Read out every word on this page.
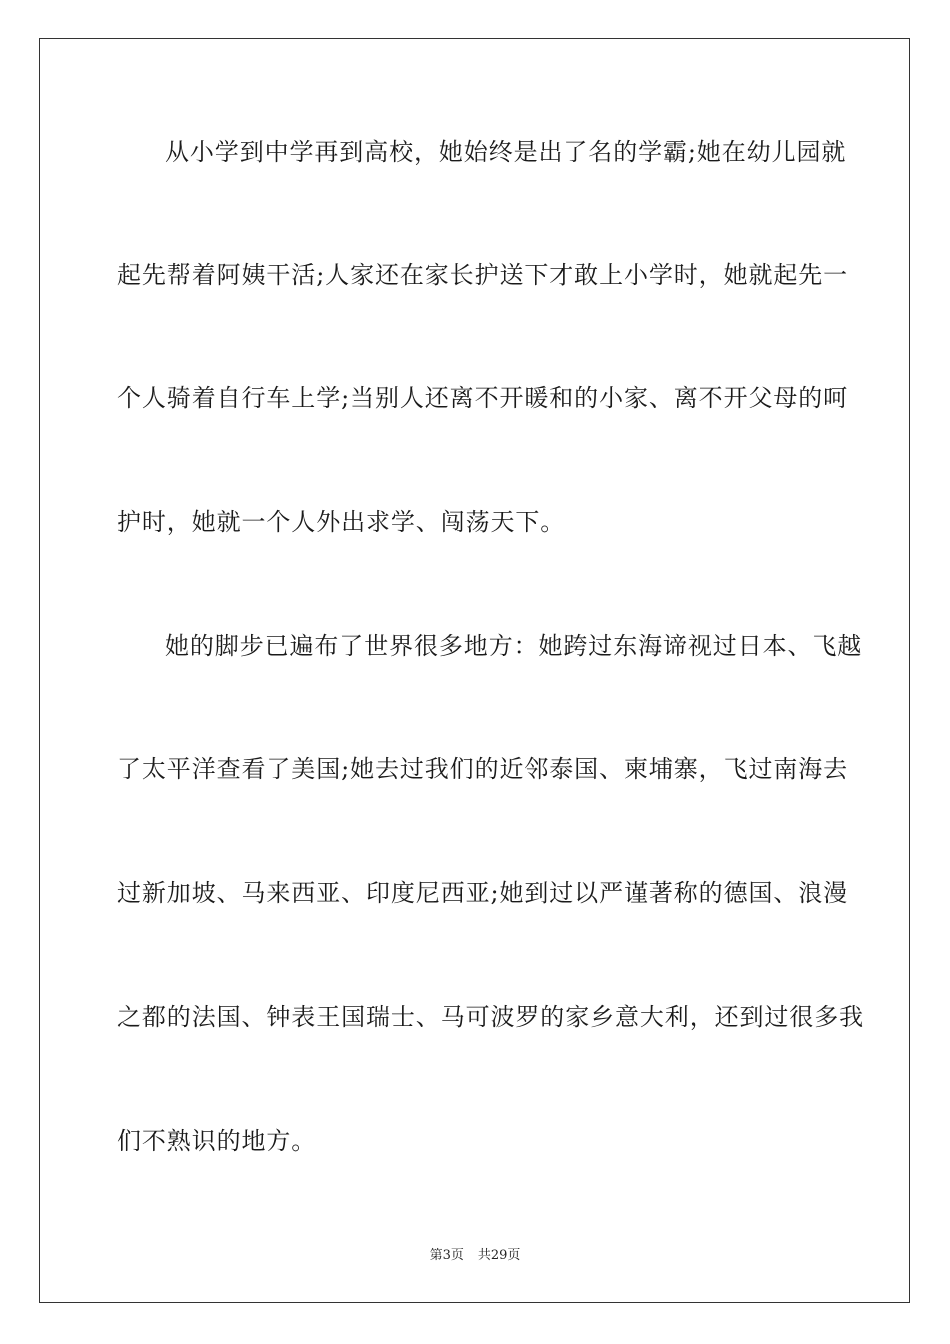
从小学到中学再到高校，她始终是出了名的学霸;她在幼儿园就
起先帮着阿姨干活;人家还在家长护送下才敢上小学时，她就起先一
个人骑着自行车上学;当别人还离不开暖和的小家、离不开父母的呵
护时，她就一个人外出求学、闯荡天下。
她的脚步已遍布了世界很多地方：她跨过东海谛视过日本、飞越
了太平洋查看了美国;她去过我们的近邻泰国、柬埔寨，飞过南海去
过新加坡、马来西亚、印度尼西亚;她到过以严谨著称的德国、浪漫
之都的法国、钟表王国瑞士、马可波罗的家乡意大利，还到过很多我
们不熟识的地方。
第3页 共29页
